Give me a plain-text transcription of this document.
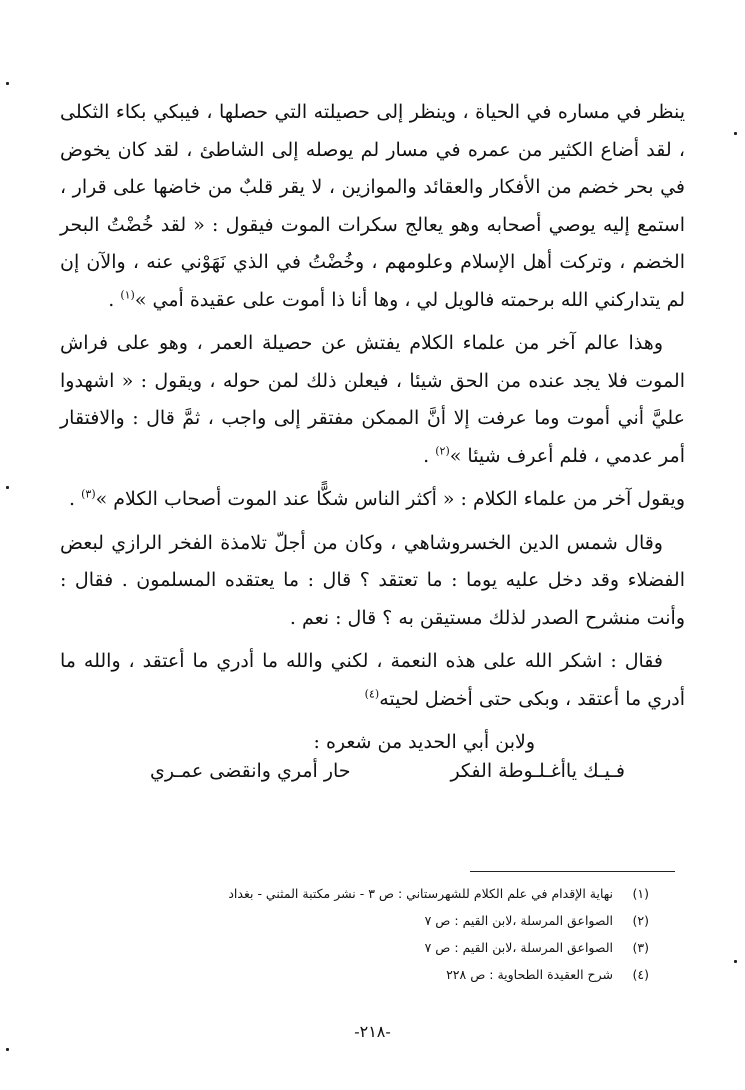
ينظر في مساره في الحياة ، وينظر إلى حصيلته التي حصلها ، فيبكي بكاء الثكلى ، لقد أضاع الكثير من عمره في مسار لم يوصله إلى الشاطئ ، لقد كان يخوض في بحر خضم من الأفكار والعقائد والموازين ، لا يقر قلبٌ من خاضها على قرار ، استمع إليه يوصي أصحابه وهو يعالج سكرات الموت فيقول : « لقد خُضْتُ البحر الخضم ، وتركت أهل الإسلام وعلومهم ، وخُضْتُ في الذي نَهَوْني عنه ، والآن إن لم يتداركني الله برحمته فالويل لي ، وها أنا ذا أموت على عقيدة أمي »$^{(١)}$ .

وهذا عالم آخر من علماء الكلام يفتش عن حصيلة العمر ، وهو على فراش الموت فلا يجد عنده من الحق شيئا ، فيعلن ذلك لمن حوله ، ويقول : « اشهدوا عليَّ أني أموت وما عرفت إلا أنَّ الممكن مفتقر إلى واجب ، ثمَّ قال : والافتقار أمر عدمي ، فلم أعرف شيئا »$^{(٢)}$ .

ويقول آخر من علماء الكلام : « أكثر الناس شكًّا عند الموت أصحاب الكلام »$^{(٣)}$ .

وقال شمس الدين الخسروشاهي ، وكان من أجلّ تلامذة الفخر الرازي لبعض الفضلاء وقد دخل عليه يوما : ما تعتقد ؟ قال : ما يعتقده المسلمون . فقال : وأنت منشرح الصدر لذلك مستيقن به ؟ قال : نعم .

فقال : اشكر الله على هذه النعمة ، لكني والله ما أدري ما أعتقد ، والله ما أدري ما أعتقد ، وبكى حتى أخضل لحيته$^{(٤)}$

ولابن أبي الحديد من شعره :

فـيـك ياأغـلـوطة الفكر
حار أمري وانقضى عمـري
(١)
نهاية الإقدام في علم الكلام للشهرستاني : ص ٣ - نشر مكتبة المثني - بغداد
(٢)
الصواعق المرسلة ،لابن القيم : ص ٧
(٣)
الصواعق المرسلة ،لابن القيم : ص ٧
(٤)
شرح العقيدة الطحاوية : ص ٢٢٨
-٢١٨-
